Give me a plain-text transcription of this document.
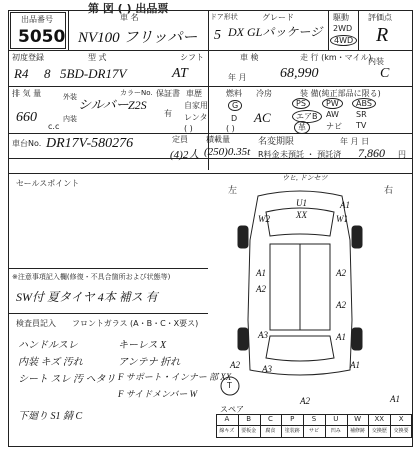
第 図 ( ) 出品票
出品番号
5050
車 名
NV100 フリッパー
ドア形状
5
グレード
DX GLパッケージ
駆動
2WD
4WD
評価点
R
初度登録	型 式	シフト	車 検	走 行 (km・マイル)
R4 8 5BD-DR17V	AT	年 月 68,990
内装
C
排 気 量
660
c.c
外装
内装
シルバー
カラーNo.
Z2S
保証書
有
車歴
自家用
レンタ
( )
燃料
G
D
( )
冷房
AC
装 備(純正部品に限る)
PS	PW	ABS
エアB	AW SR
革	ナビ TV
車台No. DR17V-580276	定員
(4)2人
積載量
(250)0.35t
名変期限	年 月 日
R料金 未預託 ・ 預託済 7,860 円
セールスポイント
※注意事項記入欄(修復・不具合箇所および状態等)
SW付 夏タイヤ 4本 補ス 有
検査員記入 フロントガラス (A・B・C・X要ス)
ハンドルスレ	キーレス X
内装 キズ 汚れ	アンテナ 折れ
シート スレ 汚 ヘタリ F サポート・インナー 部 XX
F サイドメンバー W
下廻り S1 錆 C
左	右
ウヒ, ドンセツ
U1
XX
A1
W2	W1
A1
A2
A2
A2
A3	A1
A2	A1
A3
A2	A1
T
スペア
A
線キズ
B
要板金
C
腐食
P
塗装跡
S
サビ
U
凹み
W
補修跡
XX
交換歴
X
交換要
